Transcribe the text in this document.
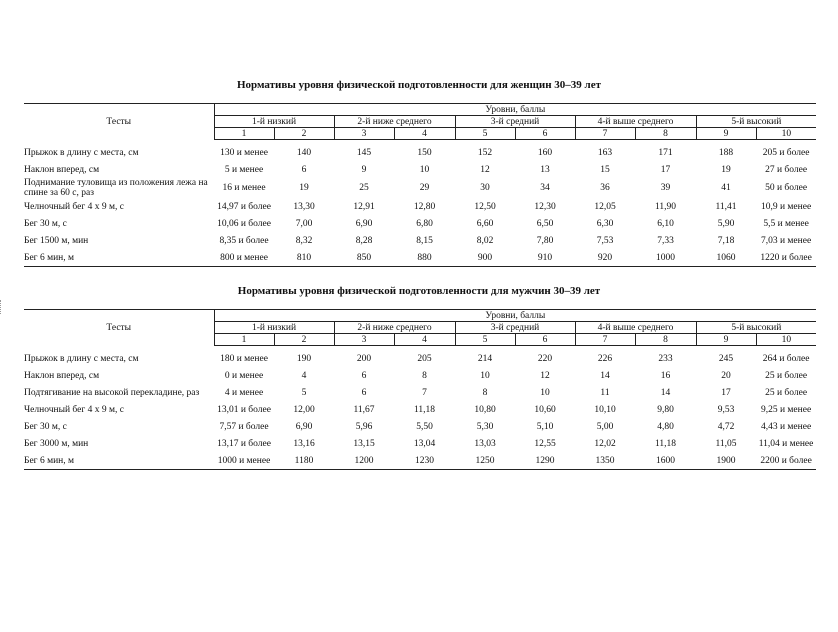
Нормативы уровня физической подготовленности для женщин 30–39 лет
Тесты	Уровни, баллы									
	1-й низкий		2-й ниже среднего		3-й средний		4-й выше среднего		5-й высокий	
	1	2	3	4	5	6	7	8	9	10

Прыжок в длину с места, см	130 и менее	140	145	150	152	160	163	171	188	205 и более
Наклон вперед, см	5 и менее	6	9	10	12	13	15	17	19	27 и более
Поднимание туловища из положения лежа на спине за 60 с, раз	16 и менее	19	25	29	30	34	36	39	41	50 и более
Челночный бег 4 х 9 м, с	14,97 и более	13,30	12,91	12,80	12,50	12,30	12,05	11,90	11,41	10,9 и менее
Бег 30 м, с	10,06 и более	7,00	6,90	6,80	6,60	6,50	6,30	6,10	5,90	5,5 и менее
Бег 1500 м, мин	8,35 и более	8,32	8,28	8,15	8,02	7,80	7,53	7,33	7,18	7,03 и менее
Бег 6 мин, м	800 и менее	810	850	880	900	910	920	1000	1060	1220 и более
Нормативы уровня физической подготовленности для мужчин 30–39 лет
Тесты	Уровни, баллы									
	1-й низкий		2-й ниже среднего		3-й средний		4-й выше среднего		5-й высокий	
	1	2	3	4	5	6	7	8	9	10

Прыжок в длину с места, см	180 и менее	190	200	205	214	220	226	233	245	264 и более
Наклон вперед, см	0 и менее	4	6	8	10	12	14	16	20	25 и более
Подтягивание на высокой перекладине, раз	4 и менее	5	6	7	8	10	11	14	17	25 и более
Челночный бег 4 х 9 м, с	13,01 и более	12,00	11,67	11,18	10,80	10,60	10,10	9,80	9,53	9,25 и менее
Бег 30 м, с	7,57 и более	6,90	5,96	5,50	5,30	5,10	5,00	4,80	4,72	4,43 и менее
Бег 3000 м, мин	13,17 и более	13,16	13,15	13,04	13,03	12,55	12,02	11,18	11,05	11,04 и менее
Бег 6 мин, м	1000 и менее	1180	1200	1230	1250	1290	1350	1600	1900	2200 и более
